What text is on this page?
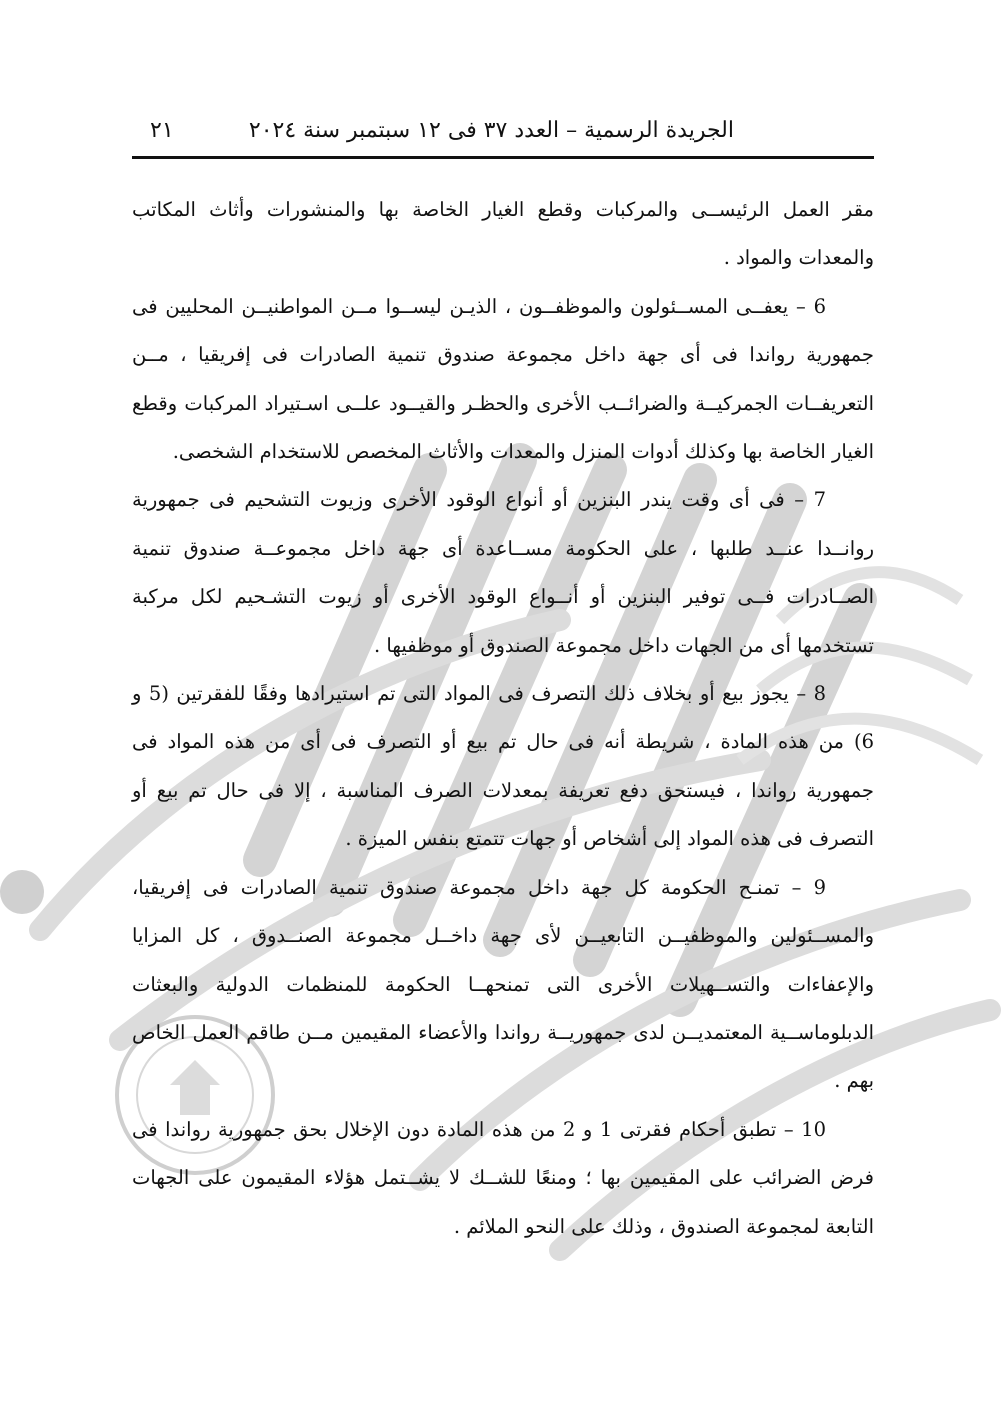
الجريدة الرسمية – العدد ٣٧ فى ١٢ سبتمبر سنة ٢٠٢٤
٢١

مقر العمل الرئيســى والمركبات وقطع الغيار الخاصة بها والمنشورات وأثاث المكاتب والمعدات والمواد .

6 – يعفــى المســئولون والموظفــون ، الذيـن ليســوا مــن المواطنيــن المحليين فى جمهورية رواندا فى أى جهة داخل مجموعة صندوق تنمية الصادرات فى إفريقيا ، مــن التعريفــات الجمركيــة والضرائــب الأخرى والحظـر والقيــود علــى اسـتيراد المركبات وقطع الغيار الخاصة بها وكذلك أدوات المنزل والمعدات والأثاث المخصص للاستخدام الشخصى.

7 – فى أى وقت يندر البنزين أو أنواع الوقود الأخرى وزيوت التشحيم فى جمهورية روانــدا عنــد طلبها ، على الحكومة مســاعدة أى جهة داخل مجموعــة صندوق تنمية الصــادرات فــى توفير البنزين أو أنــواع الوقود الأخرى أو زيوت التشـحيم لكل مركبة تستخدمها أى من الجهات داخل مجموعة الصندوق أو موظفيها .

8 – يجوز بيع أو بخلاف ذلك التصرف فى المواد التى تم استيرادها وفقًا للفقرتين (5 و 6) من هذه المادة ، شريطة أنه فى حال تم بيع أو التصرف فى أى من هذه المواد فى جمهورية رواندا ، فيستحق دفع تعريفة بمعدلات الصرف المناسبة ، إلا فى حال تم بيع أو التصرف فى هذه المواد إلى أشخاص أو جهات تتمتع بنفس الميزة .

9 – تمنـح الحكومة كل جهة داخل مجموعة صندوق تنمية الصادرات فى إفريقيا، والمســئولين والموظفيــن التابعيــن لأى جهة داخــل مجموعة الصنــدوق ، كل المزايا والإعفاءات والتســهيلات الأخرى التى تمنحهــا الحكومة للمنظمات الدولية والبعثات الدبلوماســية المعتمديــن لدى جمهوريــة رواندا والأعضاء المقيمين مــن طاقم العمل الخاص بهم .

10 – تطبق أحكام فقرتى 1 و 2 من هذه المادة دون الإخلال بحق جمهورية رواندا فى فرض الضرائب على المقيمين بها ؛ ومنعًا للشــك لا يشــتمل هؤلاء المقيمون على الجهات التابعة لمجموعة الصندوق ، وذلك على النحو الملائم .
